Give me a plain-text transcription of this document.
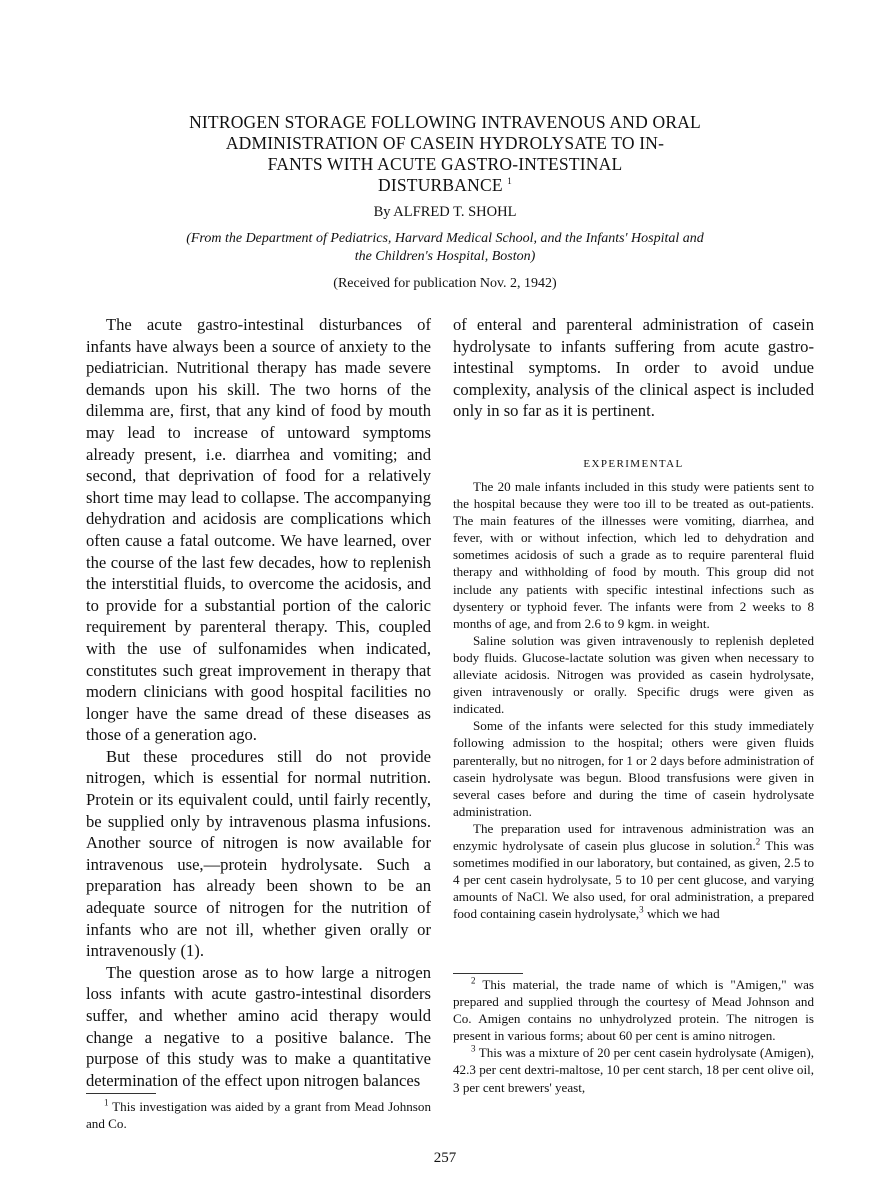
NITROGEN STORAGE FOLLOWING INTRAVENOUS AND ORAL
ADMINISTRATION OF CASEIN HYDROLYSATE TO IN-
FANTS WITH ACUTE GASTRO-INTESTINAL
DISTURBANCE $^1$
By ALFRED T. SHOHL
(From the Department of Pediatrics, Harvard Medical School, and the Infants' Hospital and
the Children's Hospital, Boston)
(Received for publication Nov. 2, 1942)

The acute gastro-intestinal disturbances of infants have always been a source of anxiety to the pediatrician. Nutritional therapy has made severe demands upon his skill. The two horns of the dilemma are, first, that any kind of food by mouth may lead to increase of untoward symptoms already present, i.e. diarrhea and vomiting; and second, that deprivation of food for a relatively short time may lead to collapse. The accompanying dehydration and acidosis are complications which often cause a fatal outcome. We have learned, over the course of the last few decades, how to replenish the interstitial fluids, to overcome the acidosis, and to provide for a substantial portion of the caloric requirement by parenteral therapy. This, coupled with the use of sulfonamides when indicated, constitutes such great improvement in therapy that modern clinicians with good hospital facilities no longer have the same dread of these diseases as those of a generation ago.

But these procedures still do not provide nitrogen, which is essential for normal nutrition. Protein or its equivalent could, until fairly recently, be supplied only by intravenous plasma infusions. Another source of nitrogen is now available for intravenous use,—protein hydrolysate. Such a preparation has already been shown to be an adequate source of nitrogen for the nutrition of infants who are not ill, whether given orally or intravenously (1).

The question arose as to how large a nitrogen loss infants with acute gastro-intestinal disorders suffer, and whether amino acid therapy would change a negative to a positive balance. The purpose of this study was to make a quantitative determination of the effect upon nitrogen balances

$^1$ This investigation was aided by a grant from Mead Johnson and Co.

of enteral and parenteral administration of casein hydrolysate to infants suffering from acute gastro-intestinal symptoms. In order to avoid undue complexity, analysis of the clinical aspect is included only in so far as it is pertinent.

EXPERIMENTAL

The 20 male infants included in this study were patients sent to the hospital because they were too ill to be treated as out-patients. The main features of the illnesses were vomiting, diarrhea, and fever, with or without infection, which led to dehydration and sometimes acidosis of such a grade as to require parenteral fluid therapy and withholding of food by mouth. This group did not include any patients with specific intestinal infections such as dysentery or typhoid fever. The infants were from 2 weeks to 8 months of age, and from 2.6 to 9 kgm. in weight.

Saline solution was given intravenously to replenish depleted body fluids. Glucose-lactate solution was given when necessary to alleviate acidosis. Nitrogen was provided as casein hydrolysate, given intravenously or orally. Specific drugs were given as indicated.

Some of the infants were selected for this study immediately following admission to the hospital; others were given fluids parenterally, but no nitrogen, for 1 or 2 days before administration of casein hydrolysate was begun. Blood transfusions were given in several cases before and during the time of casein hydrolysate administration.

The preparation used for intravenous administration was an enzymic hydrolysate of casein plus glucose in solution.$^2$ This was sometimes modified in our laboratory, but contained, as given, 2.5 to 4 per cent casein hydrolysate, 5 to 10 per cent glucose, and varying amounts of NaCl. We also used, for oral administration, a prepared food containing casein hydrolysate,$^3$ which we had

$^2$ This material, the trade name of which is "Amigen," was prepared and supplied through the courtesy of Mead Johnson and Co. Amigen contains no unhydrolyzed protein. The nitrogen is present in various forms; about 60 per cent is amino nitrogen.

$^3$ This was a mixture of 20 per cent casein hydrolysate (Amigen), 42.3 per cent dextri-maltose, 10 per cent starch, 18 per cent olive oil, 3 per cent brewers' yeast,

257
